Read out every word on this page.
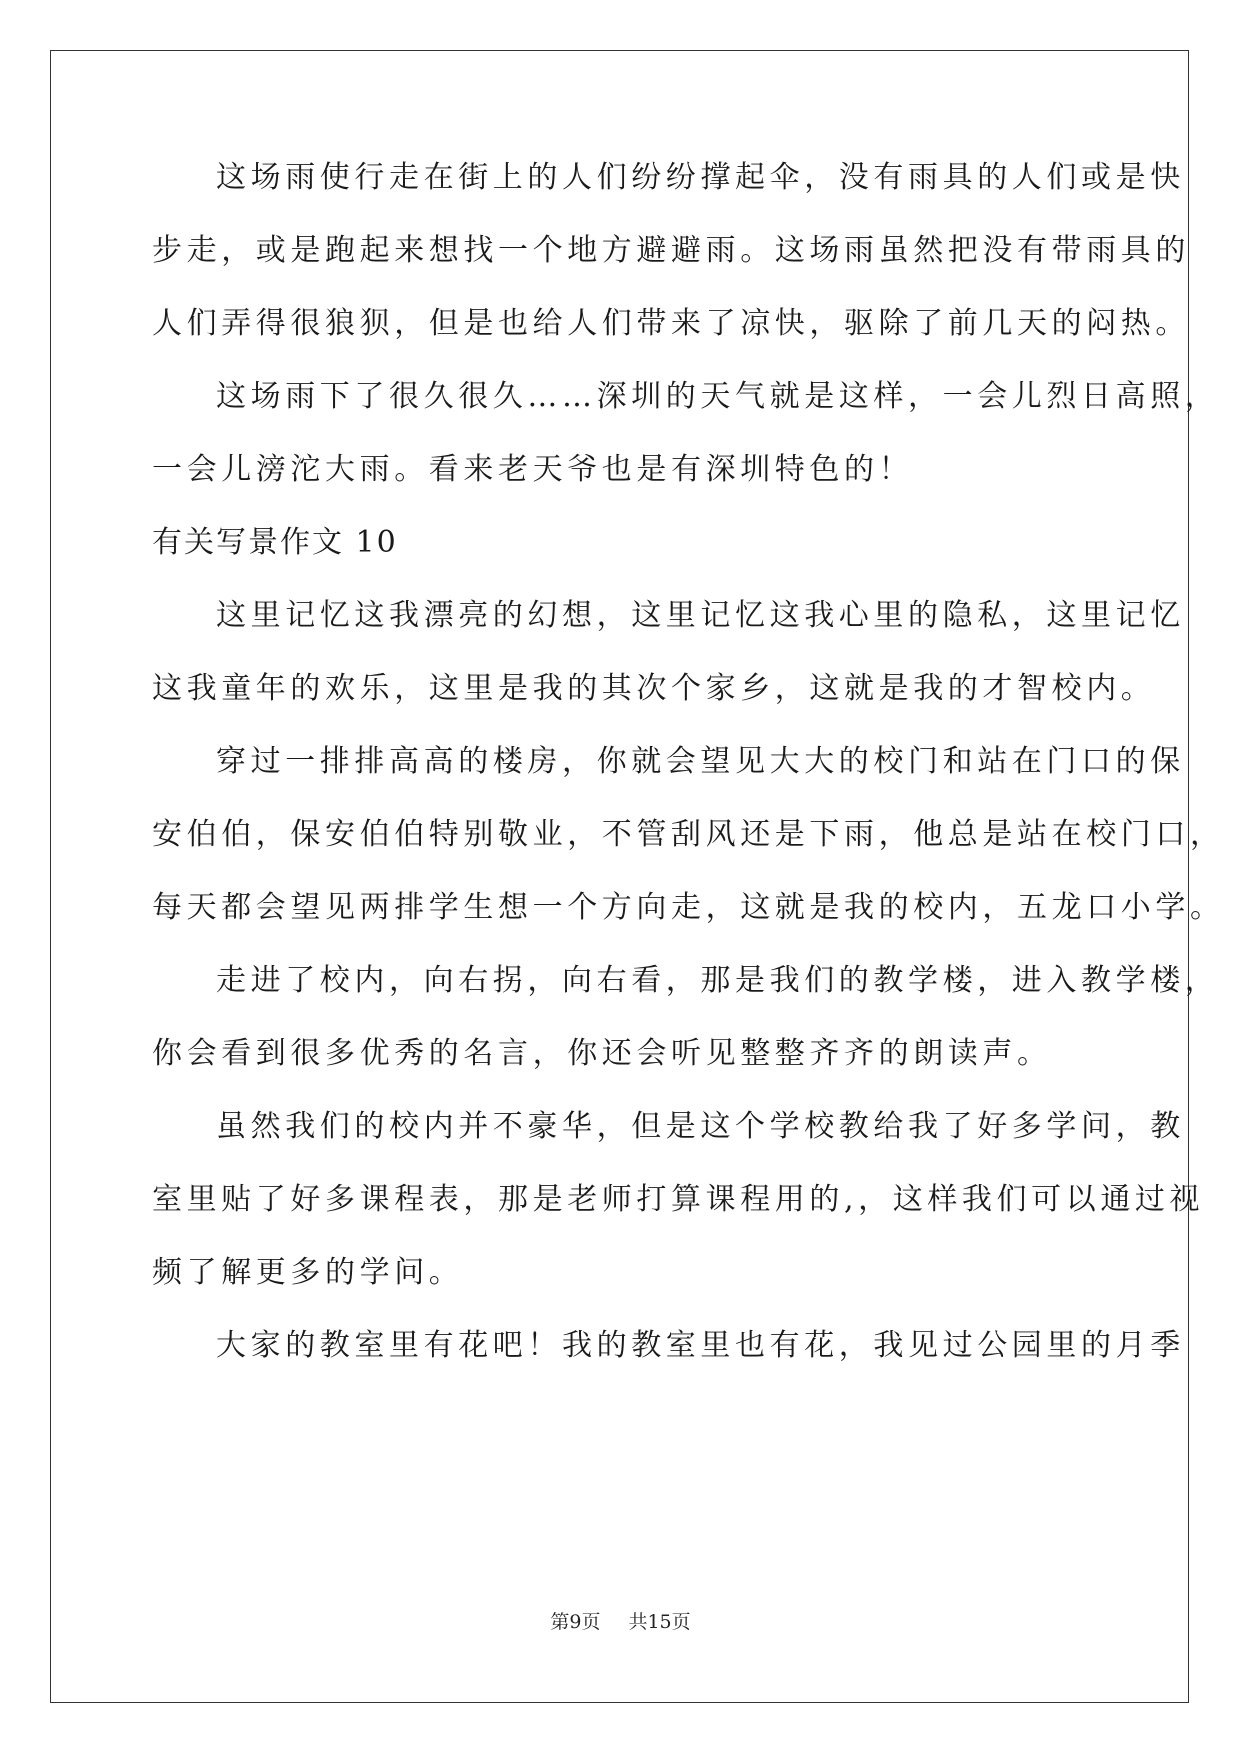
这场雨使行走在街上的人们纷纷撑起伞，没有雨具的人们或是快
步走，或是跑起来想找一个地方避避雨。这场雨虽然把没有带雨具的
人们弄得很狼狈，但是也给人们带来了凉快，驱除了前几天的闷热。
这场雨下了很久很久……深圳的天气就是这样，一会儿烈日高照，
一会儿滂沱大雨。看来老天爷也是有深圳特色的！
有关写景作文 10
这里记忆这我漂亮的幻想，这里记忆这我心里的隐私，这里记忆
这我童年的欢乐，这里是我的其次个家乡，这就是我的才智校内。
穿过一排排高高的楼房，你就会望见大大的校门和站在门口的保
安伯伯，保安伯伯特别敬业，不管刮风还是下雨，他总是站在校门口，
每天都会望见两排学生想一个方向走，这就是我的校内，五龙口小学。
走进了校内，向右拐，向右看，那是我们的教学楼，进入教学楼，
你会看到很多优秀的名言，你还会听见整整齐齐的朗读声。
虽然我们的校内并不豪华，但是这个学校教给我了好多学问，教
室里贴了好多课程表，那是老师打算课程用的,，这样我们可以通过视
频了解更多的学问。
大家的教室里有花吧！我的教室里也有花，我见过公园里的月季
第9页 共15页
